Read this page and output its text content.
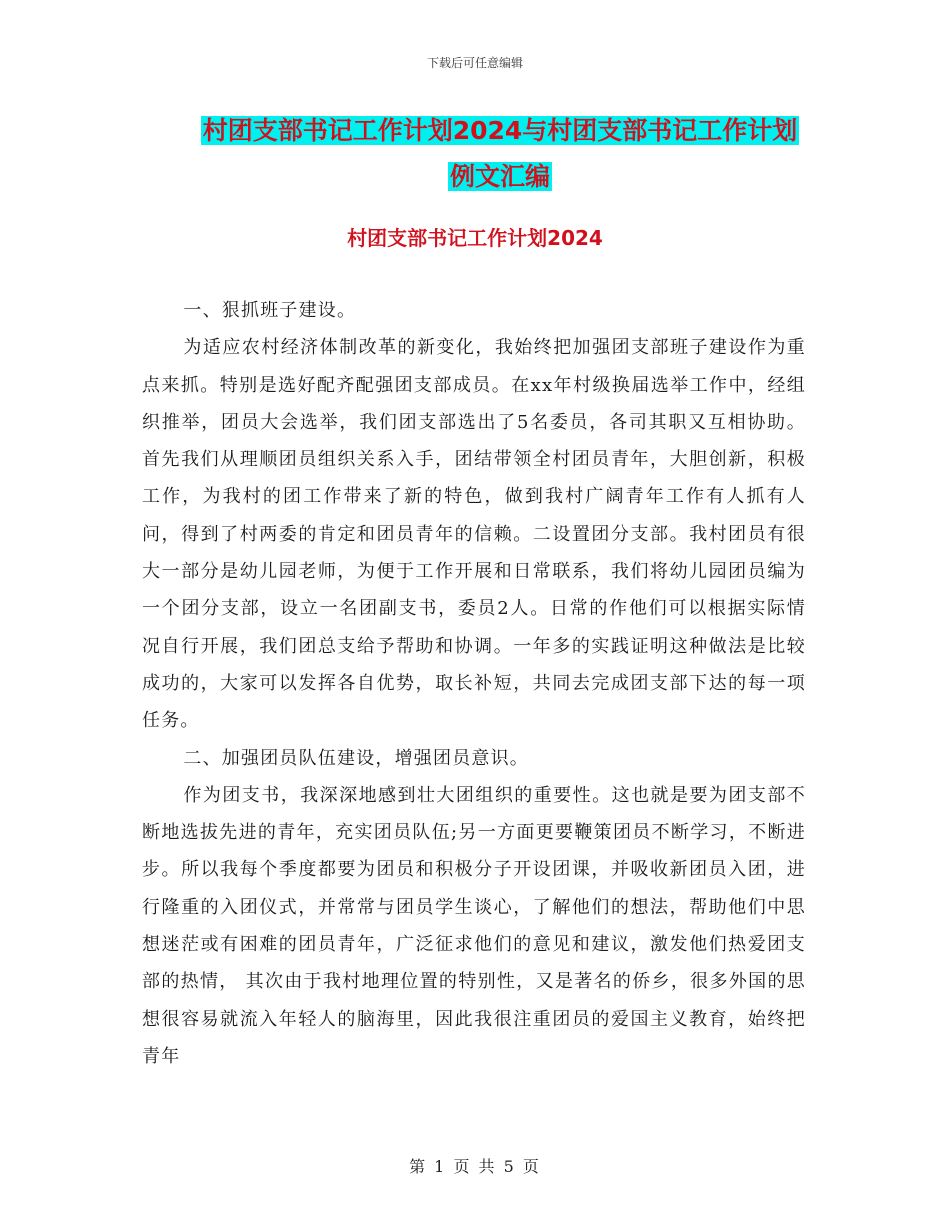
下载后可任意编辑
村团支部书记工作计划2024与村团支部书记工作计划
例文汇编
村团支部书记工作计划2024

一、狠抓班子建设。

为适应农村经济体制改革的新变化，我始终把加强团支部班子建设作为重点来抓。特别是选好配齐配强团支部成员。在xx年村级换届选举工作中，经组织推举，团员大会选举，我们团支部选出了5名委员，各司其职又互相协助。首先我们从理顺团员组织关系入手，团结带领全村团员青年，大胆创新，积极工作，为我村的团工作带来了新的特色，做到我村广阔青年工作有人抓有人问，得到了村两委的肯定和团员青年的信赖。二设置团分支部。我村团员有很大一部分是幼儿园老师，为便于工作开展和日常联系，我们将幼儿园团员编为一个团分支部，设立一名团副支书，委员2人。日常的作他们可以根据实际情况自行开展，我们团总支给予帮助和协调。一年多的实践证明这种做法是比较成功的，大家可以发挥各自优势，取长补短，共同去完成团支部下达的每一项任务。

二、加强团员队伍建设，增强团员意识。

作为团支书，我深深地感到壮大团组织的重要性。这也就是要为团支部不断地选拔先进的青年，充实团员队伍;另一方面更要鞭策团员不断学习，不断进步。所以我每个季度都要为团员和积极分子开设团课，并吸收新团员入团，进行隆重的入团仪式，并常常与团员学生谈心，了解他们的想法，帮助他们中思想迷茫或有困难的团员青年，广泛征求他们的意见和建议，激发他们热爱团支部的热情， 其次由于我村地理位置的特别性，又是著名的侨乡，很多外国的思想很容易就流入年轻人的脑海里，因此我很注重团员的爱国主义教育，始终把青年

第 1 页 共 5 页
